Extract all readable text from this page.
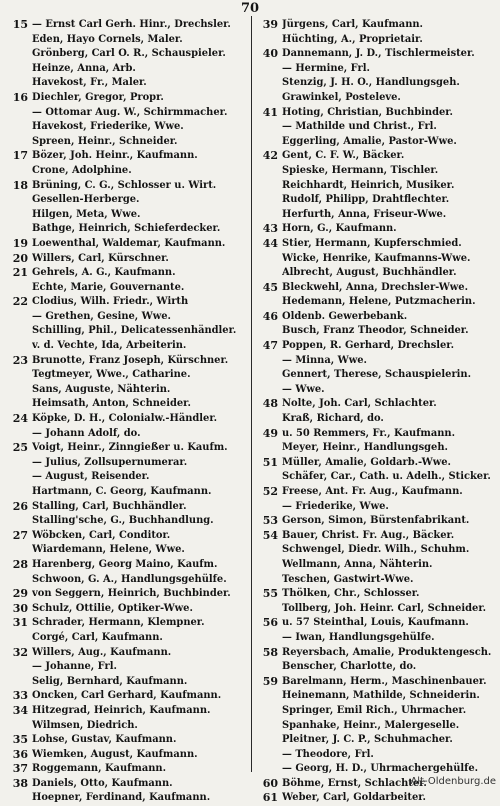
70
15 — Ernst Carl Gerh. Hinr., Drechsler.
Eden, Hayo Cornels, Maler.
Grönberg, Carl O. R., Schauspieler.
Heinze, Anna, Arb.
Havekost, Fr., Maler.
16 Diechler, Gregor, Propr.
— Ottomar Aug. W., Schirmmacher.
Havekost, Friederike, Wwe.
Spreen, Heinr., Schneider.
17 Bözer, Joh. Heinr., Kaufmann.
Crone, Adolphine.
18 Brüning, C. G., Schlosser u. Wirt.
Gesellen-Herberge.
Hilgen, Meta, Wwe.
Bathge, Heinrich, Schieferdecker.
19 Loewenthal, Waldemar, Kaufmann.
20 Willers, Carl, Kürschner.
21 Gehrels, A. G., Kaufmann.
Echte, Marie, Gouvernante.
22 Clodius, Wilh. Friedr., Wirth
— Grethen, Gesine, Wwe.
Schilling, Phil., Delicatessenhändler.
v. d. Vechte, Ida, Arbeiterin.
23 Brunotte, Franz Joseph, Kürschner.
Tegtmeyer, Wwe., Catharine.
Sans, Auguste, Nähterin.
Heimsath, Anton, Schneider.
24 Köpke, D. H., Colonialw.-Händler.
— Johann Adolf, do.
25 Voigt, Heinr., Zinngießer u. Kaufm.
— Julius, Zollsupernumerar.
— August, Reisender.
Hartmann, C. Georg, Kaufmann.
26 Stalling, Carl, Buchhändler.
Stalling'sche, G., Buchhandlung.
27 Wöbcken, Carl, Conditor.
Wiardemann, Helene, Wwe.
28 Harenberg, Georg Maino, Kaufm.
Schwoon, G. A., Handlungsgehülfe.
29 von Seggern, Heinrich, Buchbinder.
30 Schulz, Ottilie, Optiker-Wwe.
31 Schrader, Hermann, Klempner.
Corgé, Carl, Kaufmann.
32 Willers, Aug., Kaufmann.
— Johanne, Frl.
Selig, Bernhard, Kaufmann.
33 Oncken, Carl Gerhard, Kaufmann.
34 Hitzegrad, Heinrich, Kaufmann.
Wilmsen, Diedrich.
35 Lohse, Gustav, Kaufmann.
36 Wiemken, August, Kaufmann.
37 Roggemann, Kaufmann.
38 Daniels, Otto, Kaufmann.
Hoepner, Ferdinand, Kaufmann.
39 Jürgens, Carl, Kaufmann.
Hüchting, A., Proprietair.
40 Dannemann, J. D., Tischlermeister.
— Hermine, Frl.
Stenzig, J. H. O., Handlungsgeh.
Grawinkel, Posteleve.
41 Hoting, Christian, Buchbinder.
— Mathilde und Christ., Frl.
Eggerling, Amalie, Pastor-Wwe.
42 Gent, C. F. W., Bäcker.
Spieske, Hermann, Tischler.
Reichhardt, Heinrich, Musiker.
Rudolf, Philipp, Drahtflechter.
Herfurth, Anna, Friseur-Wwe.
43 Horn, G., Kaufmann.
44 Stier, Hermann, Kupferschmied.
Wicke, Henrike, Kaufmanns-Wwe.
Albrecht, August, Buchhändler.
45 Bleckwehl, Anna, Drechsler-Wwe.
Hedemann, Helene, Putzmacherin.
46 Oldenb. Gewerbebank.
Busch, Franz Theodor, Schneider.
47 Poppen, R. Gerhard, Drechsler.
— Minna, Wwe.
Gennert, Therese, Schauspielerin.
— Wwe.
48 Nolte, Joh. Carl, Schlachter.
Kraß, Richard, do.
49 u. 50 Remmers, Fr., Kaufmann.
Meyer, Heinr., Handlungsgeh.
51 Müller, Amalie, Goldarb.-Wwe.
Schäfer, Car., Cath. u. Adelh., Sticker.
52 Freese, Ant. Fr. Aug., Kaufmann.
— Friederike, Wwe.
53 Gerson, Simon, Bürstenfabrikant.
54 Bauer, Christ. Fr. Aug., Bäcker.
Schwengel, Diedr. Wilh., Schuhm.
Wellmann, Anna, Nähterin.
Teschen, Gastwirt-Wwe.
55 Thölken, Chr., Schlosser.
Tollberg, Joh. Heinr. Carl, Schneider.
56 u. 57 Steinthal, Louis, Kaufmann.
— Iwan, Handlungsgehülfe.
58 Reyersbach, Amalie, Produktengesch.
Benscher, Charlotte, do.
59 Barelmann, Herm., Maschinenbauer.
Heinemann, Mathilde, Schneiderin.
Springer, Emil Rich., Uhrmacher.
Spanhake, Heinr., Malergeselle.
Pleitner, J. C. P., Schuhmacher.
— Theodore, Frl.
— Georg, H. D., Uhrmachergehülfe.
60 Böhme, Ernst, Schlachter.
61 Weber, Carl, Goldarbeiter.
Alt-Oldenburg.de
